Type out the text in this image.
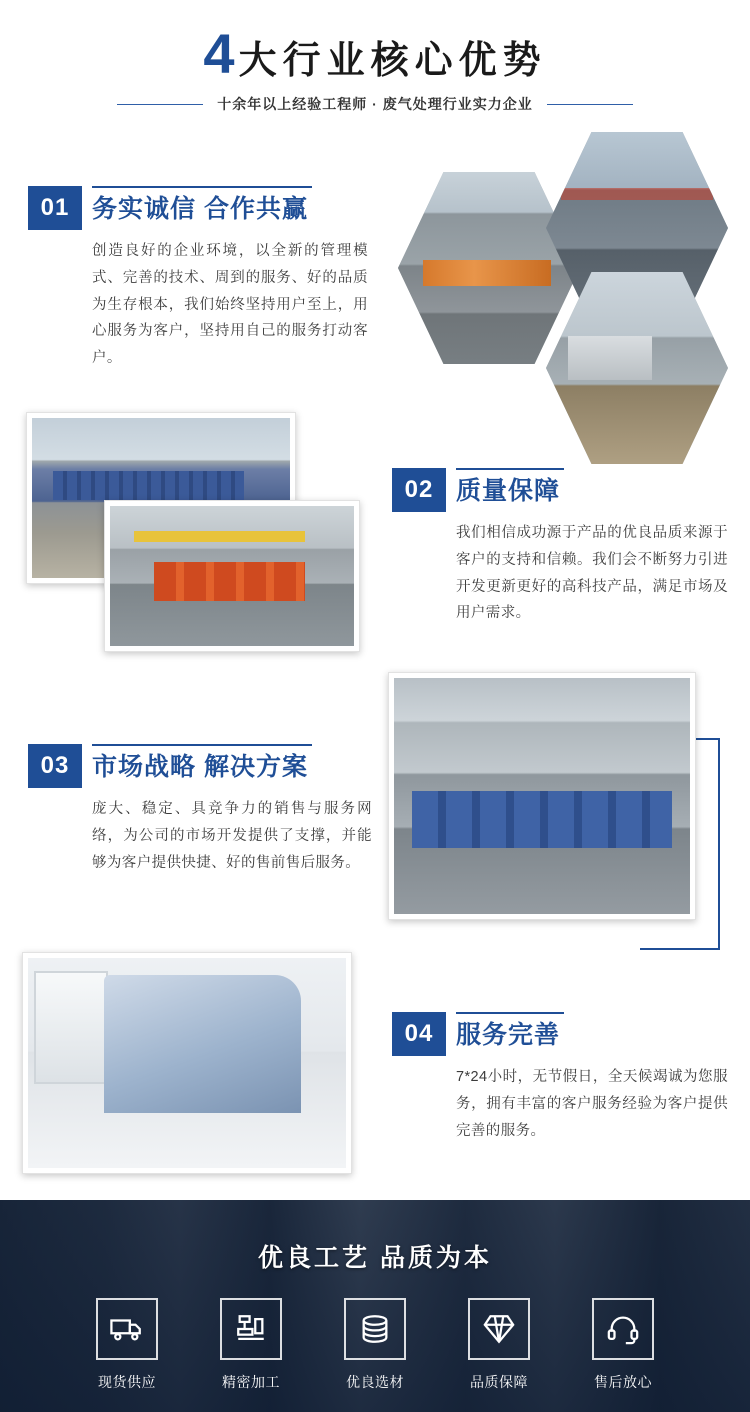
4 大行业核心优势
十余年以上经验工程师 · 废气处理行业实力企业
01 务实诚信 合作共赢

创造良好的企业环境，以全新的管理模式、完善的技术、周到的服务、好的品质为生存根本，我们始终坚持用户至上，用心服务为客户，坚持用自己的服务打动客户。

02 质量保障

我们相信成功源于产品的优良品质来源于客户的支持和信赖。我们会不断努力引进开发更新更好的高科技产品，满足市场及用户需求。

03 市场战略 解决方案

庞大、稳定、具竞争力的销售与服务网络，为公司的市场开发提供了支撑，并能够为客户提供快捷、好的售前售后服务。

04 服务完善

7*24小时，无节假日，全天候竭诚为您服务，拥有丰富的客户服务经验为客户提供完善的服务。

优良工艺 品质为本
现货供应	精密加工	优良选材	品质保障	售后放心
